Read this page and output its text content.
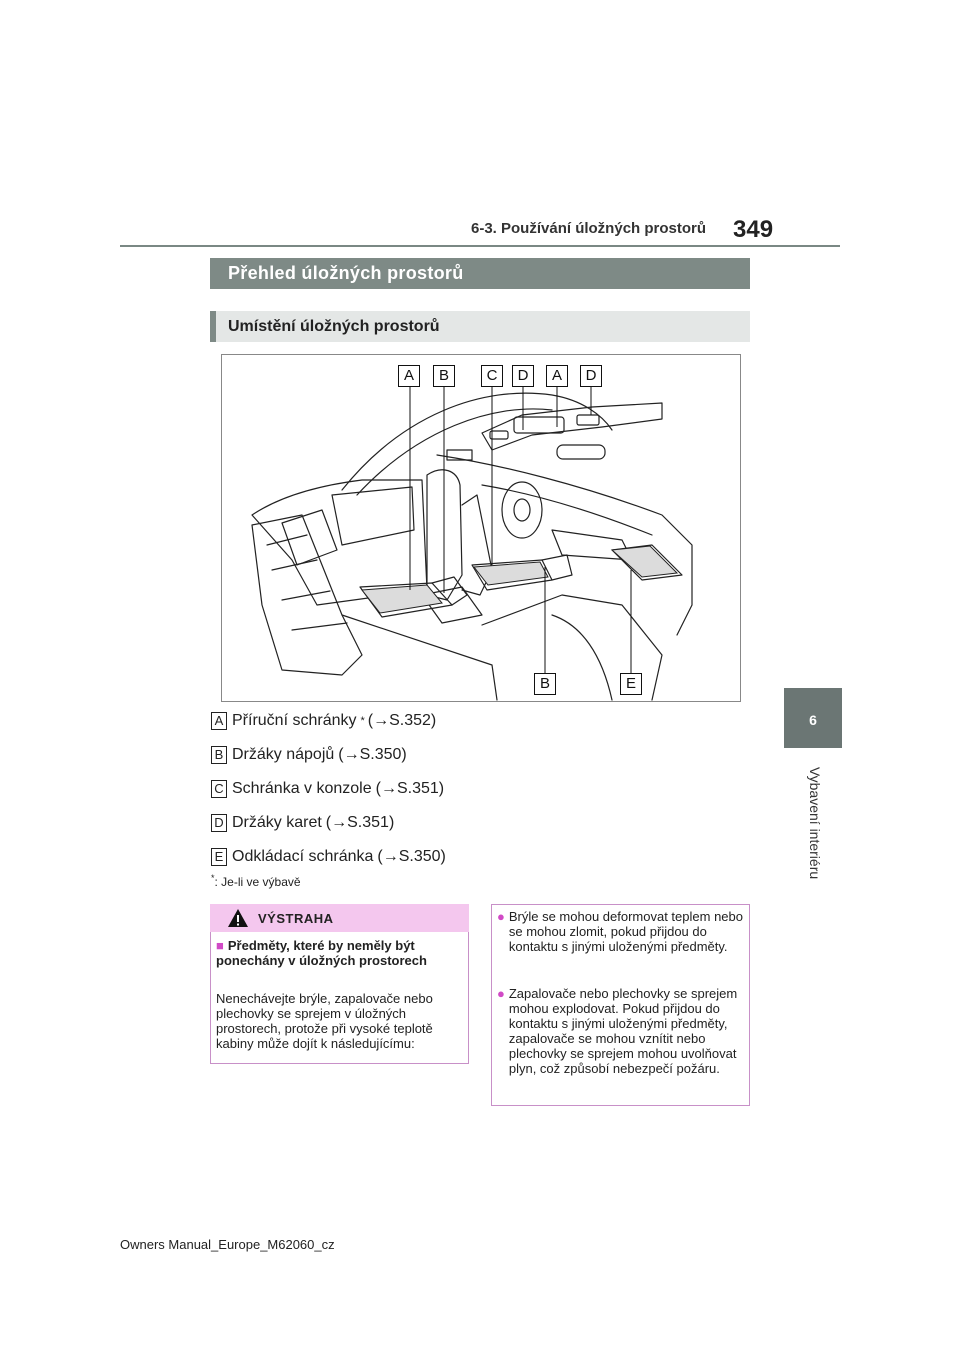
6-3. Používání úložných prostorů 349
6
Vybavení interiéru
Přehled úložných prostorů
Umístění úložných prostorů
A	B	C	D	A	D
B	E
A Příruční schránky * (→S.352)
B Držáky nápojů (→S.350)
C Schránka v konzole (→S.351)
D Držáky karet (→S.351)
E Odkládací schránka (→S.350)
*: Je-li ve výbavě
VÝSTRAHA
■ Předměty, které by neměly být ponechány v úložných prostorech
Nenechávejte brýle, zapalovače nebo plechovky se sprejem v úložných prostorech, protože při vysoké teplotě kabiny může dojít k následujícímu:
● Brýle se mohou deformovat teplem nebo se mohou zlomit, pokud přijdou do kontaktu s jinými uloženými předměty.
● Zapalovače nebo plechovky se sprejem mohou explodovat. Pokud přijdou do kontaktu s jinými uloženými předměty, zapalovače se mohou vznítit nebo plechovky se sprejem mohou uvolňovat plyn, což způsobí nebezpečí požáru.
Owners Manual_Europe_M62060_cz
